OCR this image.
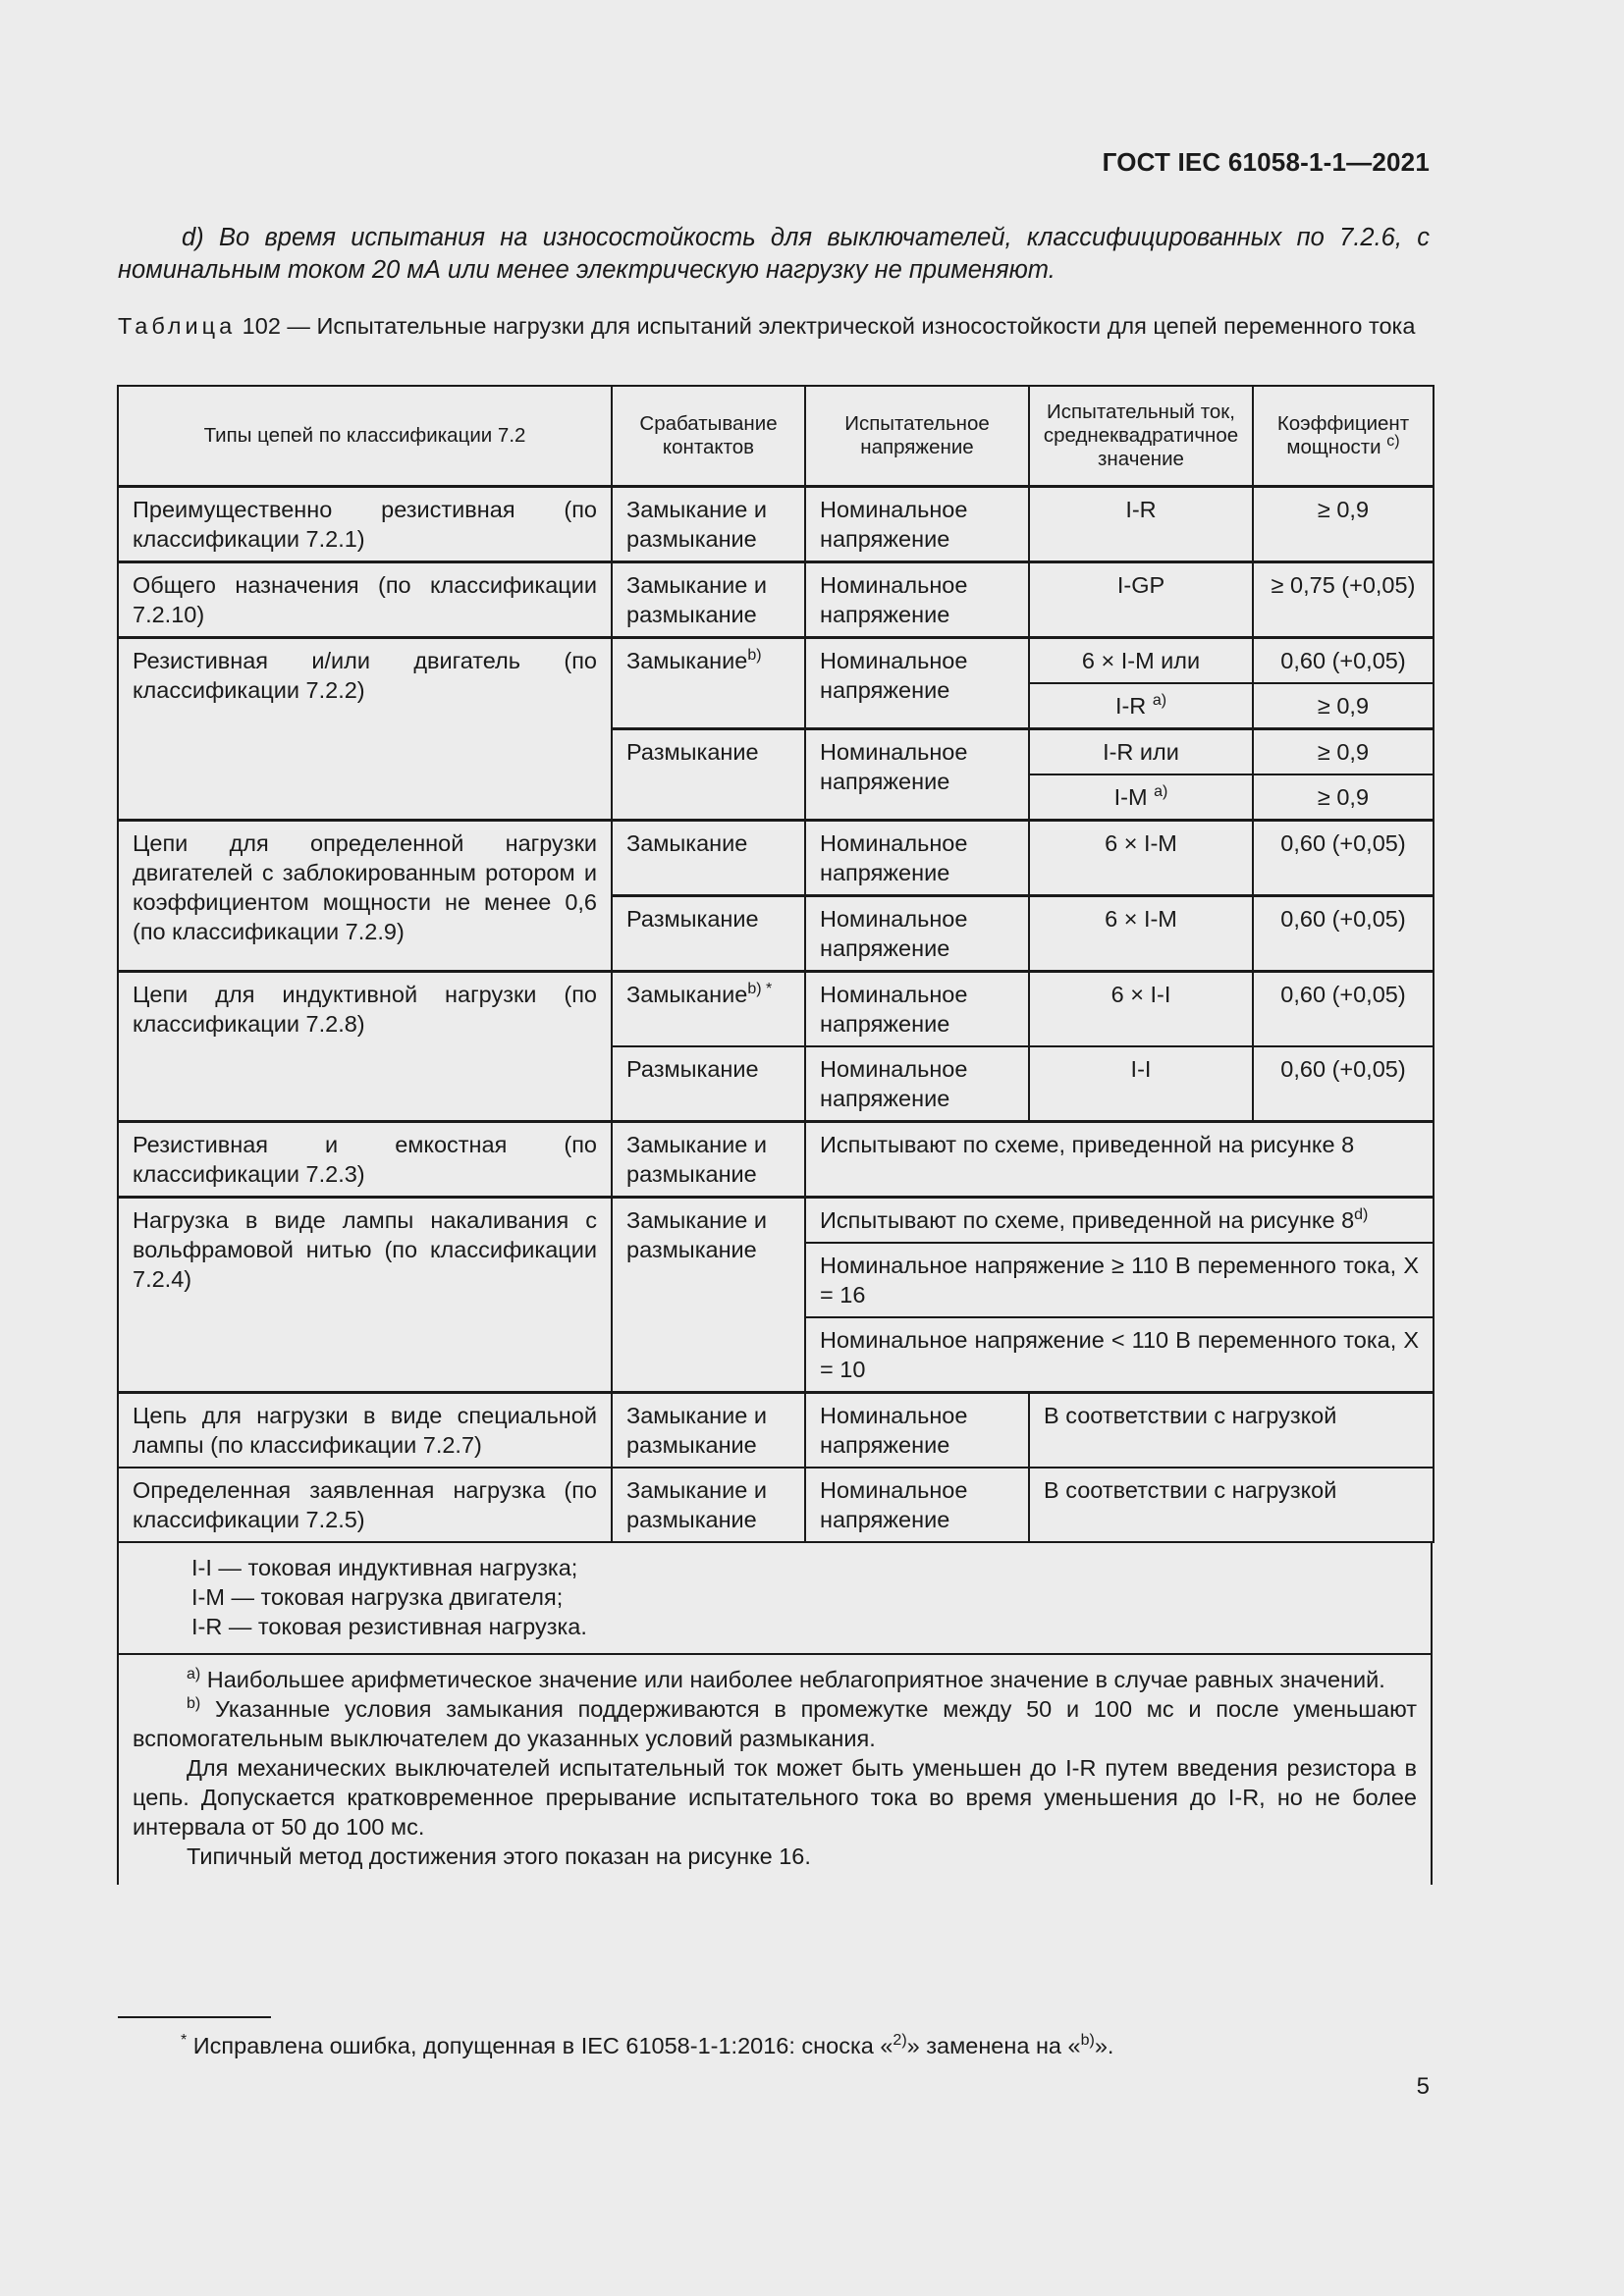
ГОСТ IEC 61058-1-1—2021
d) Во время испытания на износостойкость для выключателей, классифицированных по 7.2.6, с номинальным током 20 мА или менее электрическую нагрузку не применяют.
Таблица 102 — Испытательные нагрузки для испытаний электрической износостойкости для цепей переменного тока
Типы цепей по классификации 7.2	Срабатывание контактов	Испытательное напряжение	Испытательный ток, среднеквадратичное значение	Коэффициент мощности $^{c)}$
Преимущественно резистивная (по классификации 7.2.1)	Замыкание и размыкание	Номинальное напряжение	I-R	≥ 0,9
Общего назначения (по классификации 7.2.10)	Замыкание и размыкание	Номинальное напряжение	I-GP	≥ 0,75 (+0,05)
Резистивная и/или двигатель (по классификации 7.2.2)	Замыкание$^{b)}$	Номинальное напряжение	6 × I-M или	0,60 (+0,05)
			I-R $^{a)}$	≥ 0,9
	Размыкание	Номинальное напряжение	I-R или	≥ 0,9
			I-M $^{a)}$	≥ 0,9
Цепи для определенной нагрузки двигателей с заблокированным ротором и коэффициентом мощности не менее 0,6 (по классификации 7.2.9)	Замыкание	Номинальное напряжение	6 × I-M	0,60 (+0,05)
	Размыкание	Номинальное напряжение	6 × I-M	0,60 (+0,05)
Цепи для индуктивной нагрузки (по классификации 7.2.8)	Замыкание$^{b) *}$	Номинальное напряжение	6 × I-I	0,60 (+0,05)
	Размыкание	Номинальное напряжение	I-I	0,60 (+0,05)
Резистивная и емкостная (по классификации 7.2.3)	Замыкание и размыкание	Испытывают по схеме, приведенной на рисунке 8		
Нагрузка в виде лампы накаливания с вольфрамовой нитью (по классификации 7.2.4)	Замыкание и размыкание	Испытывают по схеме, приведенной на рисунке 8$^{d)}$
		Номинальное напряжение ≥ 110 В переменного тока, X = 16		
		Номинальное напряжение < 110 В переменного тока, X = 10		
Цепь для нагрузки в виде специальной лампы (по классификации 7.2.7)	Замыкание и размыкание	Номинальное напряжение	В соответствии с нагрузкой	
Определенная заявленная нагрузка (по классификации 7.2.5)	Замыкание и размыкание	Номинальное напряжение	В соответствии с нагрузкой	
I-I — токовая индуктивная нагрузка;
I-M — токовая нагрузка двигателя;
I-R — токовая резистивная нагрузка.

$^{a)}$ Наибольшее арифметическое значение или наиболее неблагоприятное значение в случае равных значений.

$^{b)}$ Указанные условия замыкания поддерживаются в промежутке между 50 и 100 мс и после уменьшают вспомогательным выключателем до указанных условий размыкания.

Для механических выключателей испытательный ток может быть уменьшен до I-R путем введения резистора в цепь. Допускается кратковременное прерывание испытательного тока во время уменьшения до I-R, но не более интервала от 50 до 100 мс.

Типичный метод достижения этого показан на рисунке 16.

* Исправлена ошибка, допущенная в IEC 61058-1-1:2016: сноска «$^{2)}$» заменена на «$^{b)}$».
5
